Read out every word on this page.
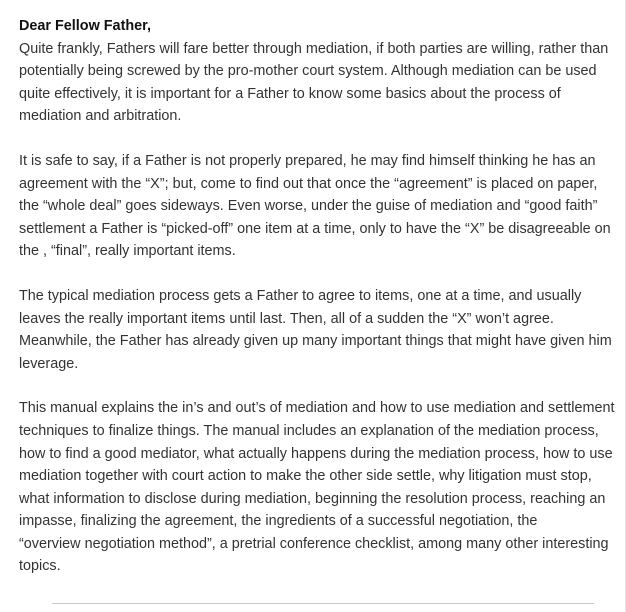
Dear Fellow Father,

Quite frankly, Fathers will fare better through mediation, if both parties are willing, rather than
potentially being screwed by the pro-mother court system. Although mediation can be used
quite effectively, it is important for a Father to know some basics about the process of
mediation and arbitration.

It is safe to say, if a Father is not properly prepared, he may find himself thinking he has an
agreement with the “X”; but, come to find out that once the “agreement” is placed on paper,
the “whole deal” goes sideways. Even worse, under the guise of mediation and “good faith”
settlement a Father is “picked-off” one item at a time, only to have the “X” be disagreeable on
the , “final”, really important items.

The typical mediation process gets a Father to agree to items, one at a time, and usually
leaves the really important items until last. Then, all of a sudden the “X” won’t agree.
Meanwhile, the Father has already given up many important things that might have given him
leverage.

This manual explains the in’s and out’s of mediation and how to use mediation and settlement
techniques to finalize things. The manual includes an explanation of the mediation process,
how to find a good mediator, what actually happens during the mediation process, how to use
mediation together with court action to make the other side settle, why litigation must stop,
what information to disclose during mediation, beginning the resolution process, reaching an
impasse, finalizing the agreement, the ingredients of a successful negotiation, the
“overview negotiation method”, a pretrial conference checklist, among many other interesting
topics.
